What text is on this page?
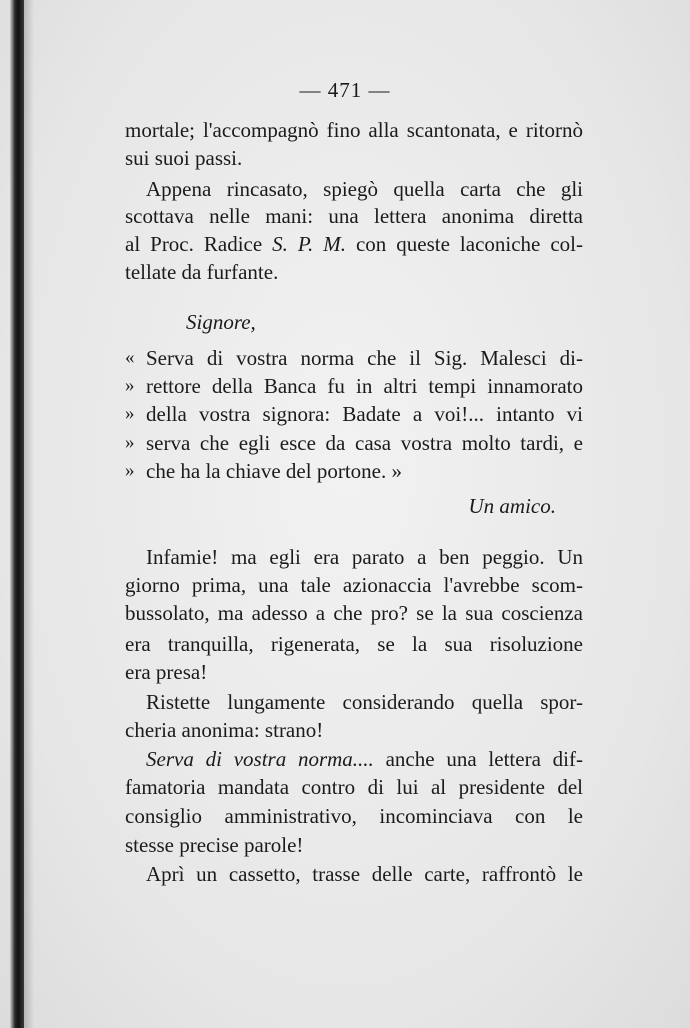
— 471 —
mortale; l'accompagnò fino alla scantonata, e ritornò
sui suoi passi.
Appena rincasato, spiegò quella carta che gli
scottava nelle mani: una lettera anonima diretta
al Proc. Radice S. P. M. con queste laconiche col-
tellate da furfante.
Signore,
« Serva di vostra norma che il Sig. Malesci di-
» rettore della Banca fu in altri tempi innamorato
» della vostra signora: Badate a voi!... intanto vi
» serva che egli esce da casa vostra molto tardi, e
» che ha la chiave del portone. »
Un amico.
Infamie! ma egli era parato a ben peggio. Un
giorno prima, una tale azionaccia l'avrebbe scom-
bussolato, ma adesso a che pro? se la sua coscienza
era tranquilla, rigenerata, se la sua risoluzione
era presa!
Ristette lungamente considerando quella spor-
cheria anonima: strano!
Serva di vostra norma.... anche una lettera dif-
famatoria mandata contro di lui al presidente del
consiglio amministrativo, incominciava con le
stesse precise parole!
Aprì un cassetto, trasse delle carte, raffrontò le
